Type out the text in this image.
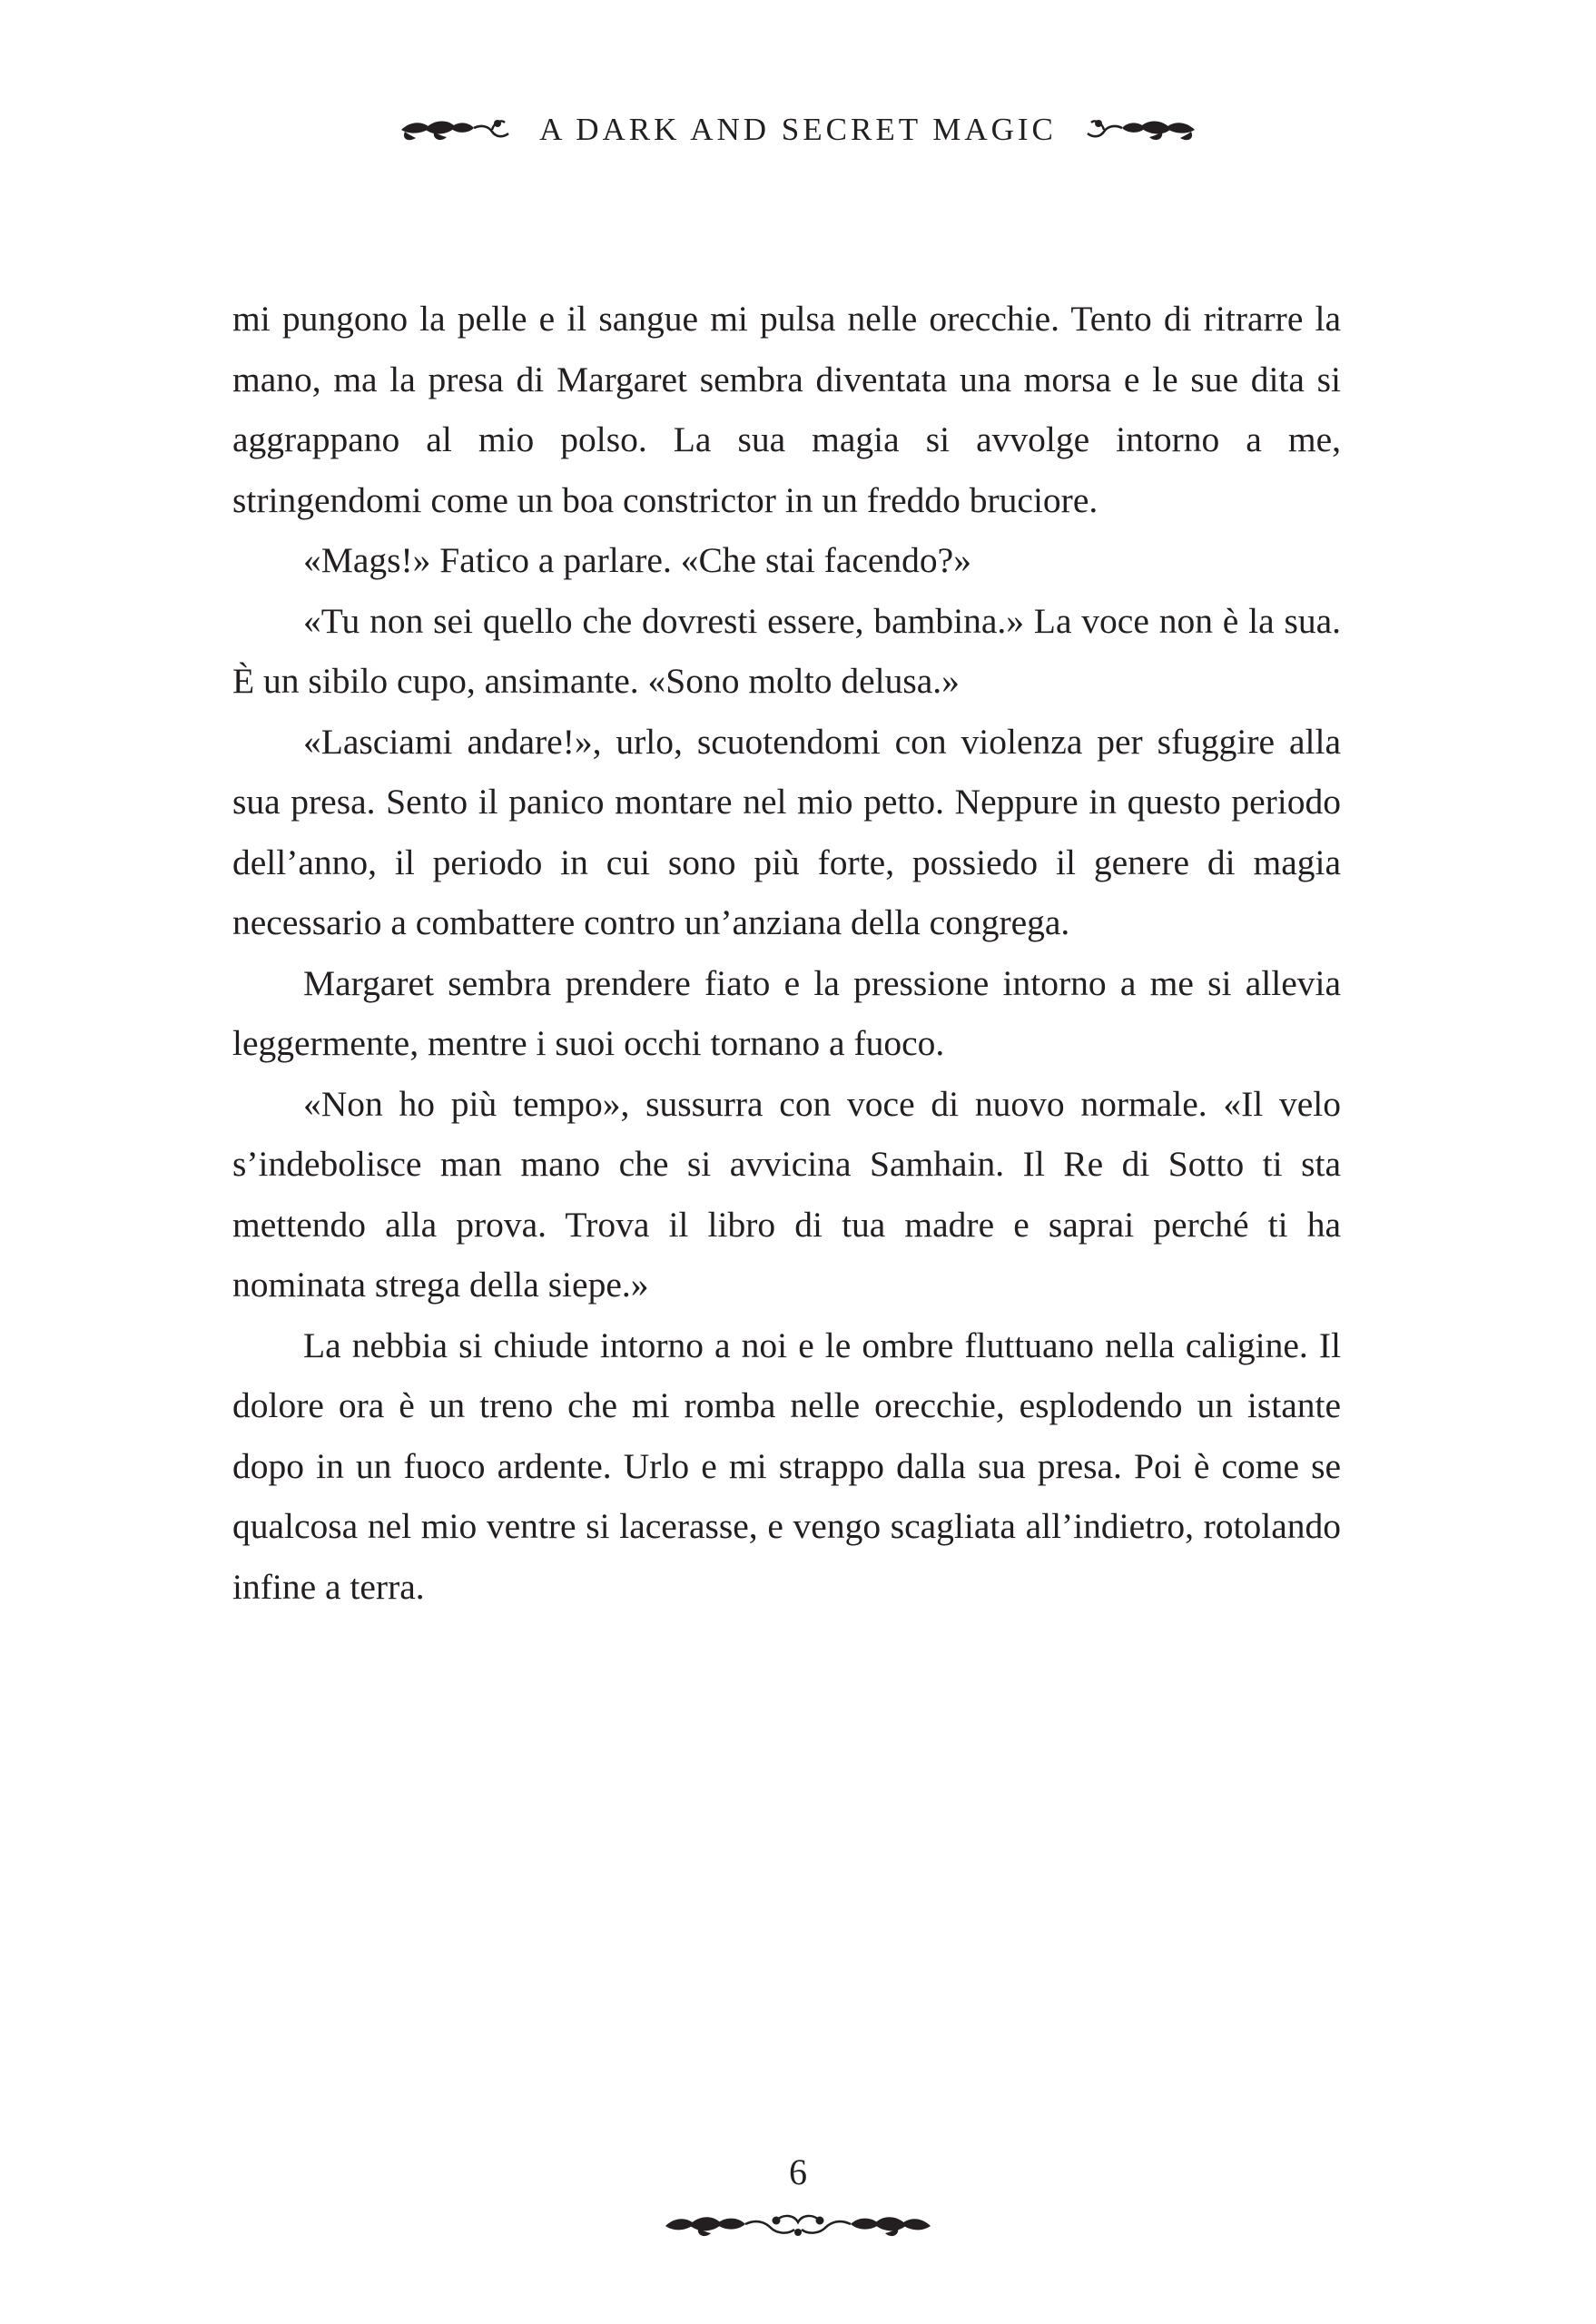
A DARK AND SECRET MAGIC

mi pungono la pelle e il sangue mi pulsa nelle orecchie. Tento di ritrarre la mano, ma la presa di Margaret sembra diventata una morsa e le sue dita si aggrappano al mio polso. La sua magia si avvolge intorno a me, stringendomi come un boa constrictor in un freddo bruciore.

«Mags!» Fatico a parlare. «Che stai facendo?»

«Tu non sei quello che dovresti essere, bambina.» La voce non è la sua. È un sibilo cupo, ansimante. «Sono molto delusa.»

«Lasciami andare!», urlo, scuotendomi con violenza per sfuggire alla sua presa. Sento il panico montare nel mio petto. Neppure in questo periodo dell’anno, il periodo in cui sono più forte, possiedo il genere di magia necessario a combattere contro un’anziana della congrega.

Margaret sembra prendere fiato e la pressione intorno a me si allevia leggermente, mentre i suoi occhi tornano a fuoco.

«Non ho più tempo», sussurra con voce di nuovo normale. «Il velo s’indebolisce man mano che si avvicina Samhain. Il Re di Sotto ti sta mettendo alla prova. Trova il libro di tua madre e saprai perché ti ha nominata strega della siepe.»

La nebbia si chiude intorno a noi e le ombre fluttuano nella caligine. Il dolore ora è un treno che mi romba nelle orecchie, esplodendo un istante dopo in un fuoco ardente. Urlo e mi strappo dalla sua presa. Poi è come se qualcosa nel mio ventre si lacerasse, e vengo scagliata all’indietro, rotolando infine a terra.

6
